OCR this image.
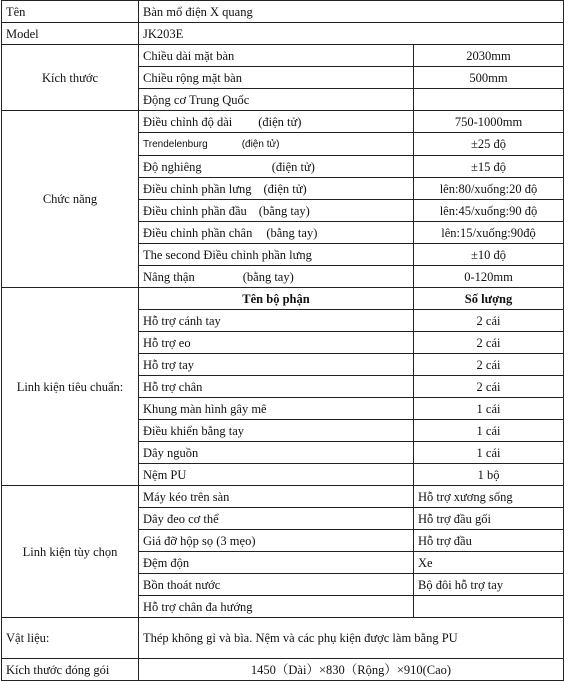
Tên	Bàn mổ điện X quang	
Model	JK203E	
Kích thước	Chiều dài mặt bàn	2030mm
	Chiều rộng mặt bàn	500mm
	Động cơ Trung Quốc	
Chức năng	Điều chỉnh độ dài (điện tử)	750-1000mm
	Trendelenburg (điện tử)	±25 độ
	Độ nghiêng (điện tử)	±15 độ
	Điều chỉnh phần lưng (điện tử)	lên:80/xuống:20 độ
	Điều chỉnh phần đầu (bằng tay)	lên:45/xuống:90 độ
	Điều chỉnh phần chân (bằng tay)	lên:15/xuống:90độ
	The second Điều chỉnh phần lưng	±10 độ
	Nâng thận (bằng tay)	0-120mm
Linh kiện tiêu chuẩn:	Tên bộ phận	Số lượng
	Hỗ trợ cánh tay	2 cái
	Hỗ trợ eo	2 cái
	Hỗ trợ tay	2 cái
	Hỗ trợ chân	2 cái
	Khung màn hình gây mê	1 cái
	Điều khiển bằng tay	1 cái
	Dây nguồn	1 cái
	Nệm PU	1 bộ
Linh kiện tùy chọn	Máy kéo trên sàn	Hỗ trợ xương sống
	Dây đeo cơ thể	Hỗ trợ đầu gối
	Giá đỡ hộp sọ (3 mẹo)	Hỗ trợ đầu
	Đệm độn	Xe
	Bồn thoát nước	Bộ đôi hỗ trợ tay
	Hỗ trợ chân đa hướng	
Vật liệu:	Thép không gỉ và bìa. Nệm và các phụ kiện được làm bằng PU	
Kích thước đóng gói	1450（Dài）×830（Rộng）×910(Cao)	
